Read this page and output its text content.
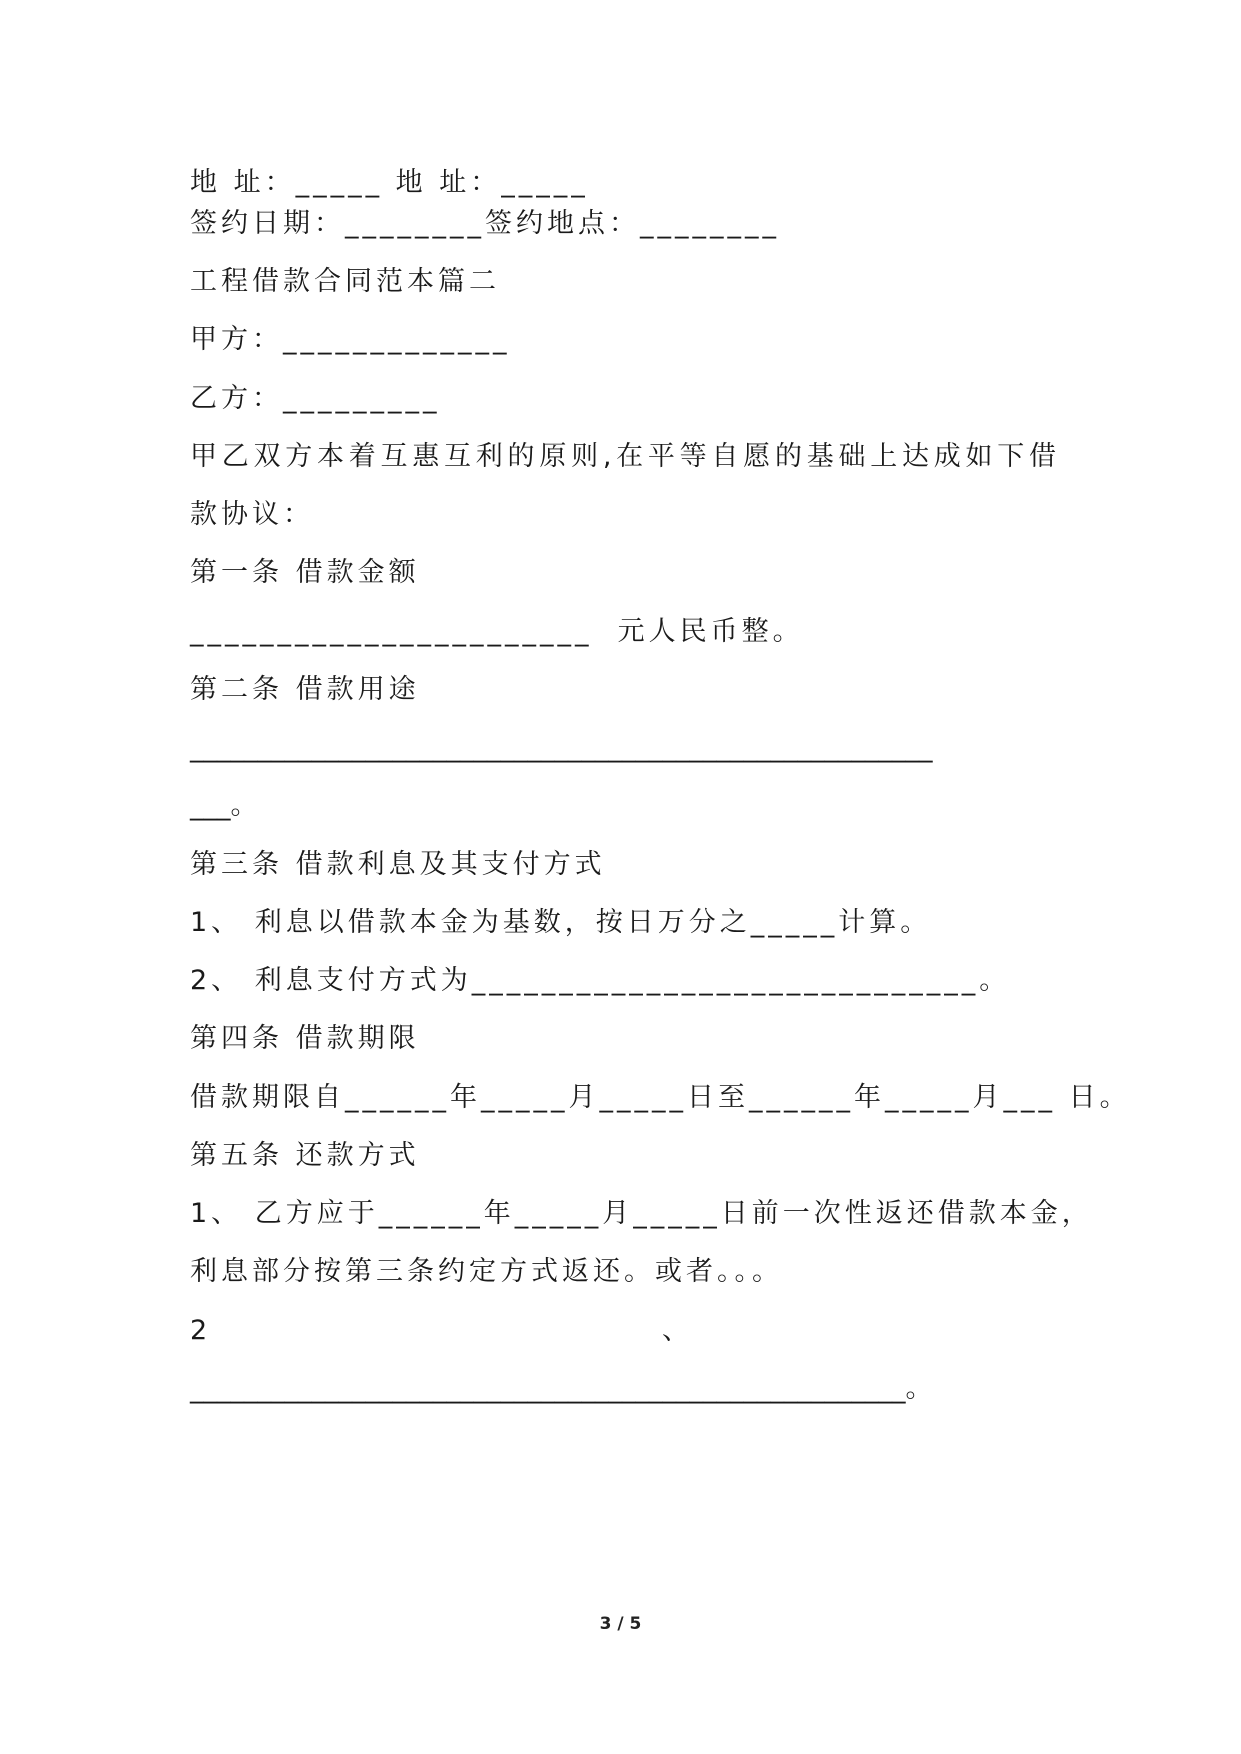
地 址：_____ 地 址：_____
签约日期：________签约地点：________
工程借款合同范本篇二
甲方：_____________
乙方：_________
甲乙双方本着互惠互利的原则,在平等自愿的基础上达成如下借
款协议：
第一条 借款金额
_______________________  元人民币整。
第二条 借款用途
_______________________________________________________
___。
第三条 借款利息及其支付方式
1、 利息以借款本金为基数，按日万分之_____计算。
2、 利息支付方式为_____________________________。
第四条 借款期限
借款期限自______年_____月_____日至______年_____月___ 日。
第五条 还款方式
1、 乙方应于______年_____月_____日前一次性返还借款本金，
利息部分按第三条约定方式返还。或者。。。
2                                                     、
_____________________________________________________。
3 / 5
